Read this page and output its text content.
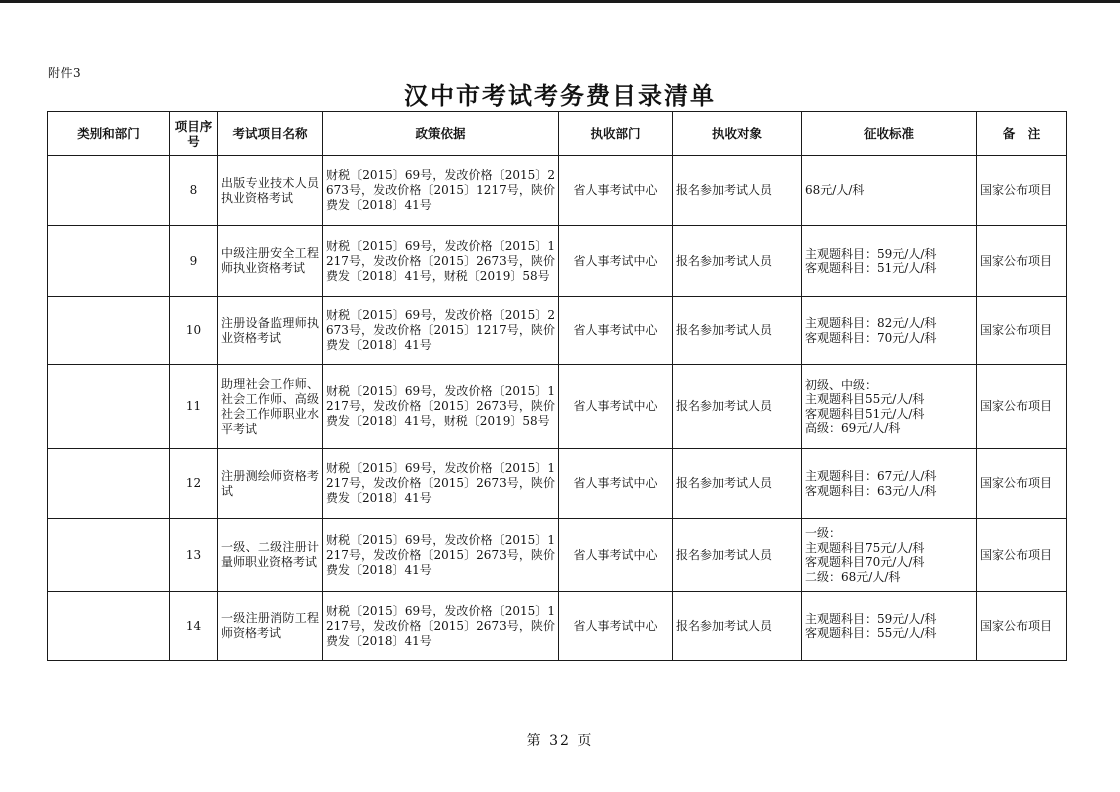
附件3
汉中市考试考务费目录清单
类别和部门	项目序号	考试项目名称	政策依据	执收部门	执收对象	征收标准	备　注
	8	出版专业技术人员执业资格考试	财税〔2015〕69号，发改价格〔2015〕2673号，发改价格〔2015〕1217号，陕价费发〔2018〕41号	省人事考试中心	报名参加考试人员	68元/人/科	国家公布项目
	9	中级注册安全工程师执业资格考试	财税〔2015〕69号，发改价格〔2015〕1217号，发改价格〔2015〕2673号，陕价费发〔2018〕41号，财税〔2019〕58号	省人事考试中心	报名参加考试人员	主观题科目：59元/人/科
客观题科目：51元/人/科	国家公布项目
	10	注册设备监理师执业资格考试	财税〔2015〕69号，发改价格〔2015〕2673号，发改价格〔2015〕1217号，陕价费发〔2018〕41号	省人事考试中心	报名参加考试人员	主观题科目：82元/人/科
客观题科目：70元/人/科	国家公布项目
	11	助理社会工作师、社会工作师、高级社会工作师职业水平考试	财税〔2015〕69号，发改价格〔2015〕1217号，发改价格〔2015〕2673号，陕价费发〔2018〕41号，财税〔2019〕58号	省人事考试中心	报名参加考试人员	初级、中级：
主观题科目55元/人/科
客观题科目51元/人/科
高级：69元/人/科	国家公布项目
	12	注册测绘师资格考试	财税〔2015〕69号，发改价格〔2015〕1217号，发改价格〔2015〕2673号，陕价费发〔2018〕41号	省人事考试中心	报名参加考试人员	主观题科目：67元/人/科
客观题科目：63元/人/科	国家公布项目
	13	一级、二级注册计量师职业资格考试	财税〔2015〕69号，发改价格〔2015〕1217号，发改价格〔2015〕2673号，陕价费发〔2018〕41号	省人事考试中心	报名参加考试人员	一级：
主观题科目75元/人/科
客观题科目70元/人/科
二级：68元/人/科	国家公布项目
	14	一级注册消防工程师资格考试	财税〔2015〕69号，发改价格〔2015〕1217号，发改价格〔2015〕2673号，陕价费发〔2018〕41号	省人事考试中心	报名参加考试人员	主观题科目：59元/人/科
客观题科目：55元/人/科	国家公布项目
第 32 页
